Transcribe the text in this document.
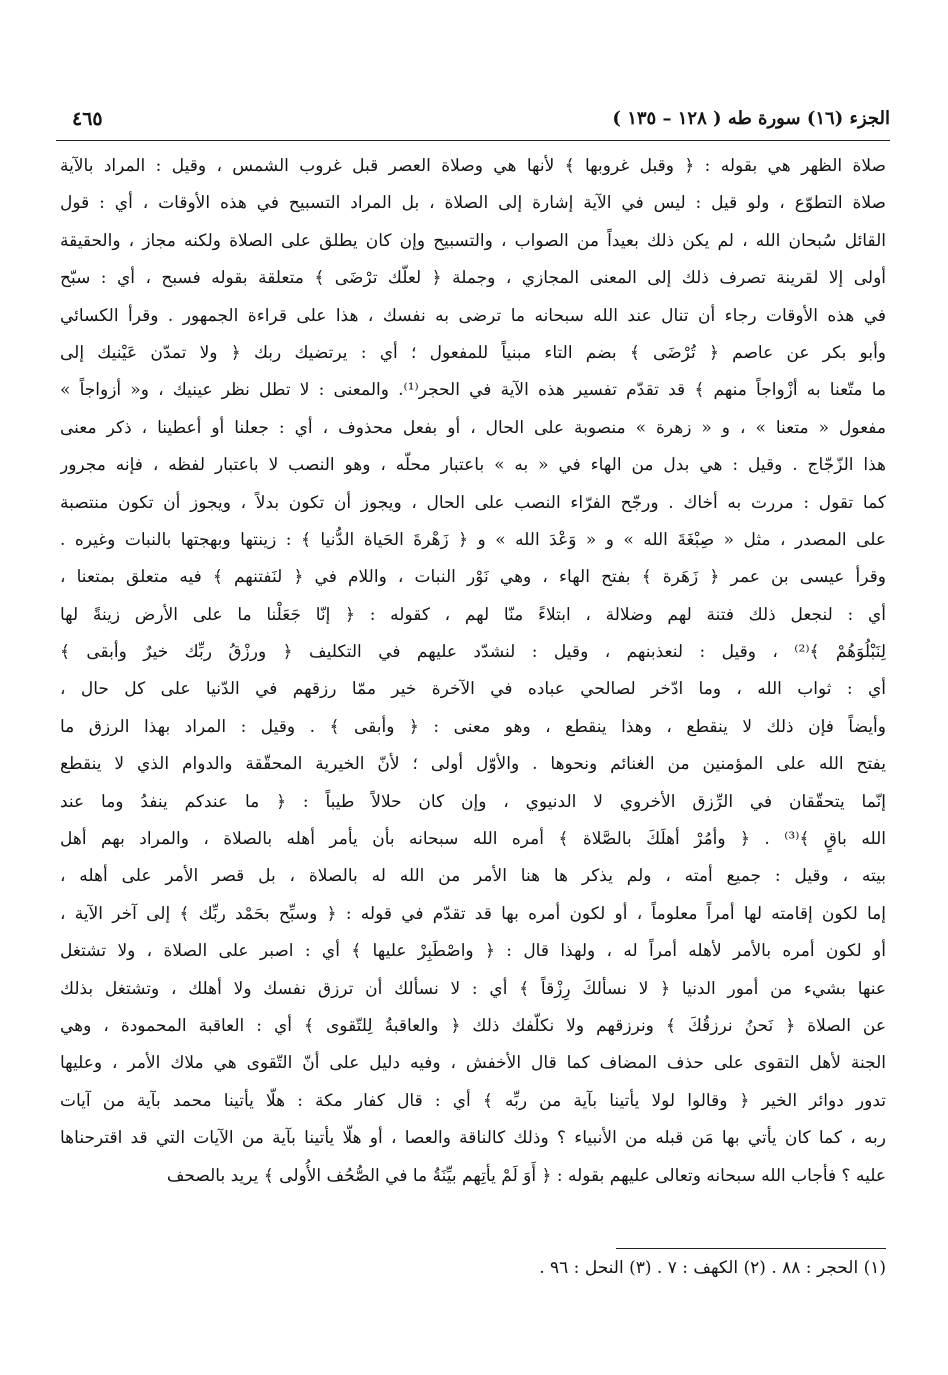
الجزء (١٦) سورة طه ( ١٢٨ – ١٣٥ )
٤٦٥
صلاة الظهر هي بقوله : ﴿ وقبل غروبها ﴾ لأنها هي وصلاة العصر قبل غروب الشمس ، وقيل : المراد بالآية
صلاة التطوّع ، ولو قيل : ليس في الآية إشارة إلى الصلاة ، بل المراد التسبيح في هذه الأوقات ، أي : قول
القائل سُبحان الله ، لم يكن ذلك بعيداً من الصواب ، والتسبيح وإن كان يطلق على الصلاة ولكنه مجاز ، والحقيقة
أولى إلا لقرينة تصرف ذلك إلى المعنى المجازي ، وجملة ﴿ لعلّك ترْضَى ﴾ متعلقة بقوله فسبح ، أي : سبّح
في هذه الأوقات رجاء أن تنال عند الله سبحانه ما ترضى به نفسك ، هذا على قراءة الجمهور . وقرأ الكسائي
وأبو بكر عن عاصم ﴿ تُرْضَى ﴾ بضم التاء مبنياً للمفعول ؛ أي : يرتضيك ربك ﴿ ولا تمدّن عَيْنيك إلى
ما متّعنا به أزْواجاً منهم ﴾ قد تقدّم تفسير هذه الآية في الحجر⁽¹⁾. والمعنى : لا تطل نظر عينيك ، و« أزواجاً »
مفعول « متعنا » ، و « زهرة » منصوبة على الحال ، أو بفعل محذوف ، أي : جعلنا أو أعطينا ، ذكر معنى
هذا الزّجّاج . وقيل : هي بدل من الهاء في « به » باعتبار محلّه ، وهو النصب لا باعتبار لفظه ، فإنه مجرور
كما تقول : مررت به أخاك . ورجّح الفرّاء النصب على الحال ، ويجوز أن تكون بدلاً ، ويجوز أن تكون منتصبة
على المصدر ، مثل « صِبْغَةَ الله » و « وَعْدَ الله » و ﴿ زَهْرةَ الحَياة الدُّنيا ﴾ : زينتها وبهجتها بالنبات وغيره .
وقرأ عيسى بن عمر ﴿ زَهَرة ﴾ بفتح الهاء ، وهي نَوْر النبات ، واللام في ﴿ لنَفتنهم ﴾ فيه متعلق بمتعنا ،
أي : لنجعل ذلك فتنة لهم وضلالة ، ابتلاءً منّا لهم ، كقوله : ﴿ إنّا جَعَلْنا ما على الأرض زينةً لها
لِنَبْلُوَهُمْ ﴾⁽²⁾ ، وقيل : لنعذبنهم ، وقيل : لنشدّد عليهم في التكليف ﴿ ورزْقُ ربِّك خيرٌ وأبقى ﴾
أي : ثواب الله ، وما ادّخر لصالحي عباده في الآخرة خير ممّا رزقهم في الدّنيا على كل حال ،
وأيضاً فإن ذلك لا ينقطع ، وهذا ينقطع ، وهو معنى : ﴿ وأبقى ﴾ . وقيل : المراد بهذا الرزق ما
يفتح الله على المؤمنين من الغنائم ونحوها . والأوّل أولى ؛ لأنّ الخيرية المحقّقة والدوام الذي لا ينقطع
إنّما يتحقّقان في الرِّزق الأخروي لا الدنيوي ، وإن كان حلالاً طيباً : ﴿ ما عندكم ينفدُ وما عند
الله باقٍ ﴾⁽³⁾ . ﴿ وأمُرْ أهلَكَ بالصَّلاة ﴾ أمره الله سبحانه بأن يأمر أهله بالصلاة ، والمراد بهم أهل
بيته ، وقيل : جميع أمته ، ولم يذكر ها هنا الأمر من الله له بالصلاة ، بل قصر الأمر على أهله ،
إما لكون إقامته لها أمراً معلوماً ، أو لكون أمره بها قد تقدّم في قوله : ﴿ وسبِّح بحَمْد ربِّك ﴾ إلى آخر الآية ،
أو لكون أمره بالأمر لأهله أمراً له ، ولهذا قال : ﴿ واصْطَبِرْ عليها ﴾ أي : اصبر على الصلاة ، ولا تشتغل
عنها بشيء من أمور الدنيا ﴿ لا نسألكَ رِزْقاً ﴾ أي : لا نسألك أن ترزق نفسك ولا أهلك ، وتشتغل بذلك
عن الصلاة ﴿ نَحنُ نرزقُكَ ﴾ ونرزقهم ولا نكلّفك ذلك ﴿ والعاقبةُ لِلتّقوى ﴾ أي : العاقبة المحمودة ، وهي
الجنة لأهل التقوى على حذف المضاف كما قال الأخفش ، وفيه دليل على أنّ التّقوى هي ملاك الأمر ، وعليها
تدور دوائر الخير ﴿ وقالوا لولا يأتينا بآية من ربِّه ﴾ أي : قال كفار مكة : هلّا يأتينا محمد بآية من آيات
ربه ، كما كان يأتي بها مَن قبله من الأنبياء ؟ وذلك كالناقة والعصا ، أو هلّا يأتينا بآية من الآيات التي قد اقترحناها
عليه ؟ فأجاب الله سبحانه وتعالى عليهم بقوله : ﴿ أَوَ لَمْ يأتِهم بيِّنَةُ ما في الصُّحُف الأُولى ﴾ يريد بالصحف
(١) الحجر : ٨٨ . (٢) الكهف : ٧ . (٣) النحل : ٩٦ .
